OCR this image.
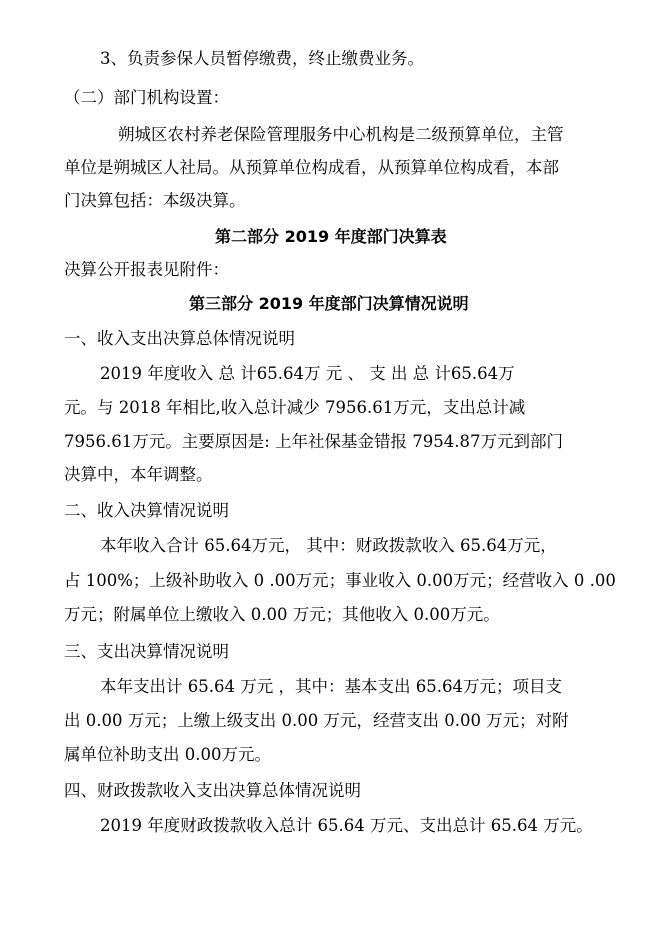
3、负责参保人员暂停缴费，终止缴费业务。

（二）部门机构设置：

朔城区农村养老保险管理服务中心机构是二级预算单位，主管

单位是朔城区人社局。从预算单位构成看，从预算单位构成看，本部

门决算包括：本级决算。

第二部分 2019 年度部门决算表

决算公开报表见附件：

第三部分 2019 年度部门决算情况说明

一、收入支出决算总体情况说明

2019 年度收入 总 计65.64万 元 、 支 出 总 计65.64万

元。与 2018 年相比,收入总计减少 7956.61万元，支出总计减

7956.61万元。主要原因是: 上年社保基金错报 7954.87万元到部门

决算中，本年调整。

二、收入决算情况说明

本年收入合计 65.64万元， 其中：财政拨款收入 65.64万元，

占 100%；上级补助收入 0 .00万元；事业收入 0.00万元；经营收入 0 .00

万元；附属单位上缴收入 0.00 万元；其他收入 0.00万元。

三、支出决算情况说明

本年支出计 65.64 万元 ，其中：基本支出 65.64万元；项目支

出 0.00 万元；上缴上级支出 0.00 万元，经营支出 0.00 万元；对附

属单位补助支出 0.00万元。

四、财政拨款收入支出决算总体情况说明

2019 年度财政拨款收入总计 65.64 万元、支出总计 65.64 万元。
